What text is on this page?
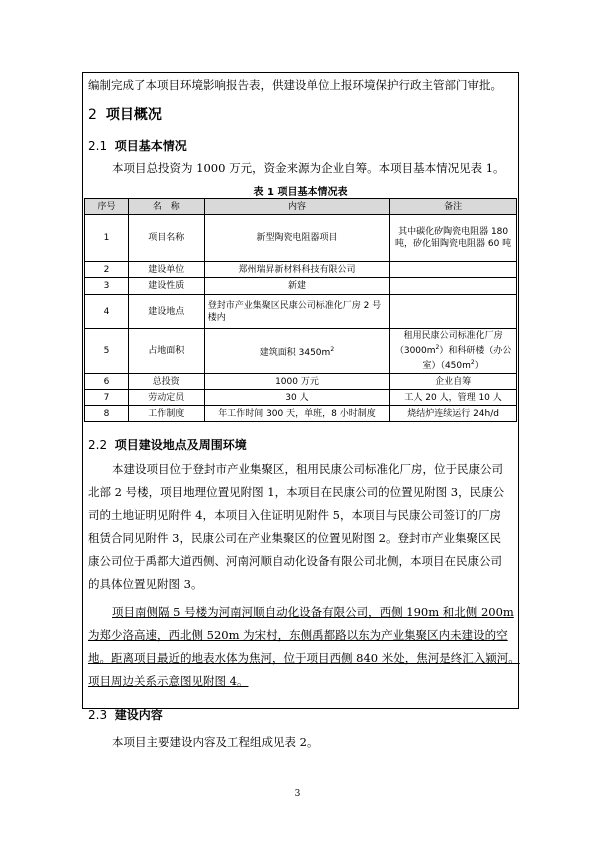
编制完成了本项目环境影响报告表，供建设单位上报环境保护行政主管部门审批。
2 项目概况
2.1 项目基本情况
本项目总投资为 1000 万元，资金来源为企业自筹。本项目基本情况见表 1。
表 1 项目基本情况表
序号	名　称	内容	备注
1	项目名称	新型陶瓷电阻器项目	其中碳化矽陶瓷电阻器 180 吨，矽化钼陶瓷电阻器 60 吨
2	建设单位	郑州瑞昇新材料科技有限公司	
3	建设性质	新建	
4	建设地点	登封市产业集聚区民康公司标准化厂房 2 号楼内	
5	占地面积	建筑面积 $3450m^2$	租用民康公司标准化厂房$(3000m^2)$和科研楼（办公室）$(450m^2)$
6	总投资	1000 万元	企业自筹
7	劳动定员	30 人	工人 20 人，管理 10 人
8	工作制度	年工作时间 300 天，单班，8 小时制度	烧结炉连续运行 24h/d
2.2 项目建设地点及周围环境
本建设项目位于登封市产业集聚区，租用民康公司标准化厂房，位于民康公司
北部 2 号楼，项目地理位置见附图 1，本项目在民康公司的位置见附图 3，民康公
司的土地证明见附件 4，本项目入住证明见附件 5，本项目与民康公司签订的厂房
租赁合同见附件 3，民康公司在产业集聚区的位置见附图 2。登封市产业集聚区民
康公司位于禹都大道西侧、河南河顺自动化设备有限公司北侧，本项目在民康公司
的具体位置见附图 3。
项目南侧隔 5 号楼为河南河顺自动化设备有限公司，西侧 190m 和北侧 200m
为郑少洛高速，西北侧 520m 为宋村，东侧禹都路以东为产业集聚区内未建设的空
地。距离项目最近的地表水体为焦河，位于项目西侧 840 米处，焦河是终汇入颍河。
项目周边关系示意图见附图 4。
2.3 建设内容
本项目主要建设内容及工程组成见表 2。
3
